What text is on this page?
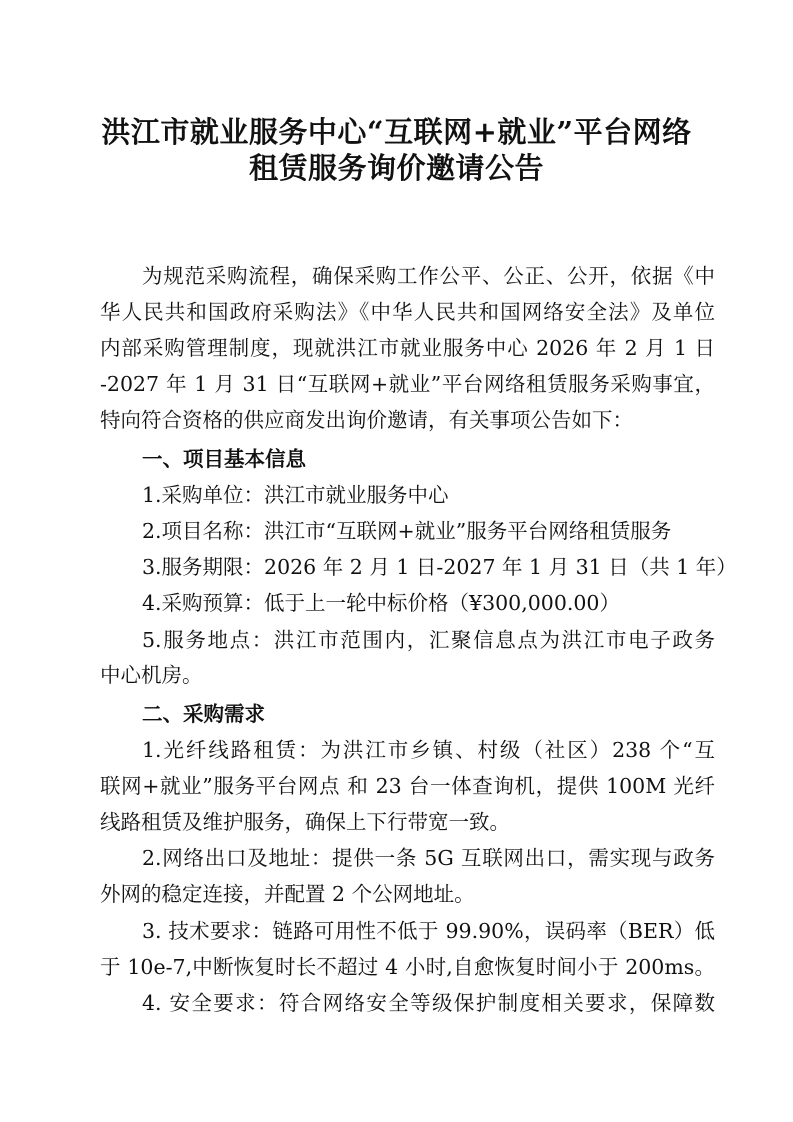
洪江市就业服务中心“互联网+就业”平台网络
租赁服务询价邀请公告
为规范采购流程，确保采购工作公平、公正、公开，依据《中
华人民共和国政府采购法》《中华人民共和国网络安全法》及单位
内部采购管理制度，现就洪江市就业服务中心 2026 年 2 月 1 日
-2027 年 1 月 31 日“互联网+就业”平台网络租赁服务采购事宜，
特向符合资格的供应商发出询价邀请，有关事项公告如下：
一、项目基本信息
1.采购单位：洪江市就业服务中心
2.项目名称：洪江市“互联网+就业”服务平台网络租赁服务
3.服务期限：2026 年 2 月 1 日-2027 年 1 月 31 日（共 1 年）
4.采购预算：低于上一轮中标价格（¥300,000.00）
5.服务地点：洪江市范围内，汇聚信息点为洪江市电子政务
中心机房。
二、采购需求
1.光纤线路租赁：为洪江市乡镇、村级（社区）238 个“互
联网+就业”服务平台网点 和 23 台一体查询机，提供 100M 光纤
线路租赁及维护服务，确保上下行带宽一致。
2.网络出口及地址：提供一条 5G 互联网出口，需实现与政务
外网的稳定连接，并配置 2 个公网地址。
3. 技术要求：链路可用性不低于 99.90%，误码率（BER）低
于 10e-7,中断恢复时长不超过 4 小时,自愈恢复时间小于 200ms。
4. 安全要求：符合网络安全等级保护制度相关要求，保障数
